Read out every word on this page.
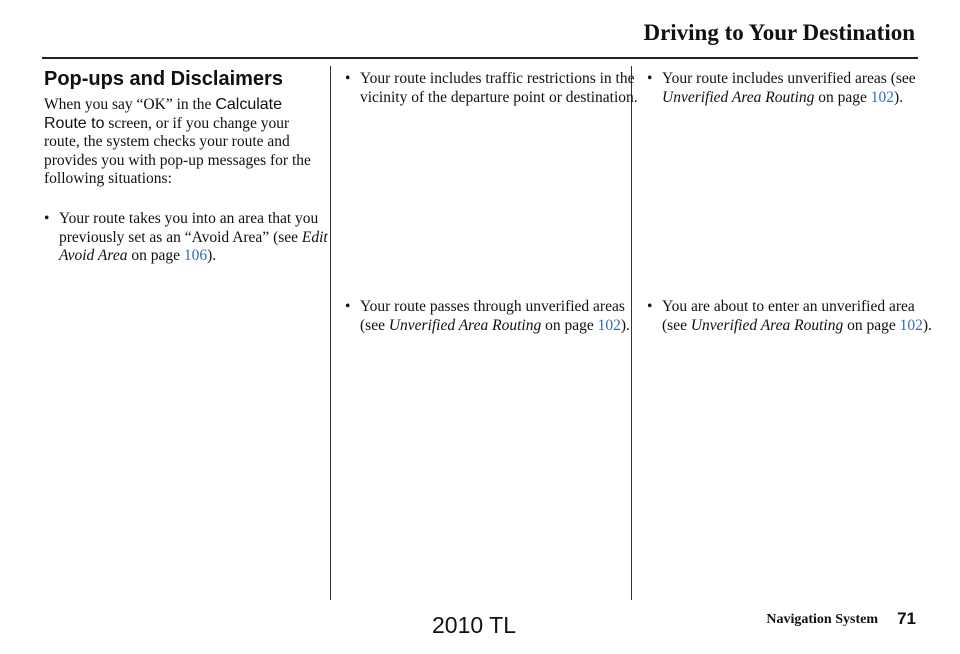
Driving to Your Destination
Pop-ups and Disclaimers

When you say “OK” in the Calculate Route to screen, or if you change your route, the system checks your route and provides you with pop-up messages for the following situations:

• Your route takes you into an area that you previously set as an “Avoid Area” (see Edit Avoid Area on page 106).

• Your route includes traffic restrictions in the vicinity of the departure point or destination.

• Your route passes through unverified areas (see Unverified Area Routing on page 102).

• Your route includes unverified areas (see Unverified Area Routing on page 102).

• You are about to enter an unverified area (see Unverified Area Routing on page 102).

2010 TL	Navigation System 71
